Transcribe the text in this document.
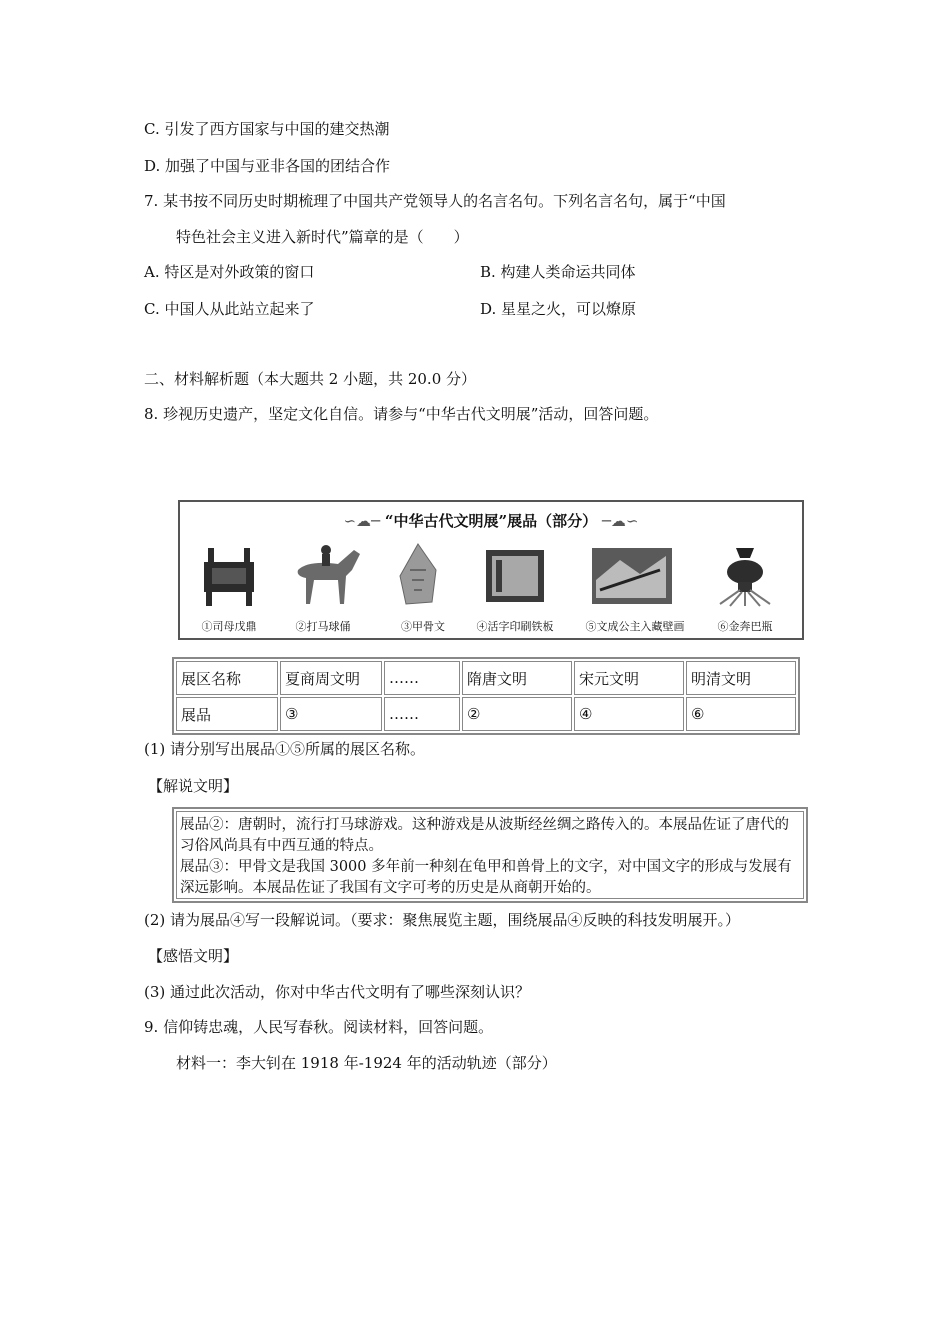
C. 引发了西方国家与中国的建交热潮
D. 加强了中国与亚非各国的团结合作
7. 某书按不同历史时期梳理了中国共产党领导人的名言名句。下列名言名句，属于“中国
特色社会主义进入新时代”篇章的是（　　）
A. 特区是对外政策的窗口	B. 构建人类命运共同体
C. 中国人从此站立起来了	D. 星星之火，可以燎原
二、材料解析题（本大题共 2 小题，共 20.0 分）
8. 珍视历史遗产，坚定文化自信。请参与“中华古代文明展”活动，回答问题。
∽☁─ “中华古代文明展”展品（部分） ─☁∽
①司母戊鼎	②打马球俑	③甲骨文	④活字印刷铁板	⑤文成公主入藏壁画	⑥金奔巴瓶
展区名称	夏商周文明	……	隋唐文明	宋元文明	明清文明
展品	③	……	②	④	⑥
(1) 请分别写出展品①⑤所属的展区名称。
【解说文明】

展品②：唐朝时，流行打马球游戏。这种游戏是从波斯经丝绸之路传入的。本展品佐证了唐代的习俗风尚具有中西互通的特点。

展品③：甲骨文是我国 3000 多年前一种刻在龟甲和兽骨上的文字，对中国文字的形成与发展有深远影响。本展品佐证了我国有文字可考的历史是从商朝开始的。

(2) 请为展品④写一段解说词。（要求：聚焦展览主题，围绕展品④反映的科技发明展开。）
【感悟文明】
(3) 通过此次活动，你对中华古代文明有了哪些深刻认识？
9. 信仰铸忠魂，人民写春秋。阅读材料，回答问题。
材料一：李大钊在 1918 年-1924 年的活动轨迹（部分）
